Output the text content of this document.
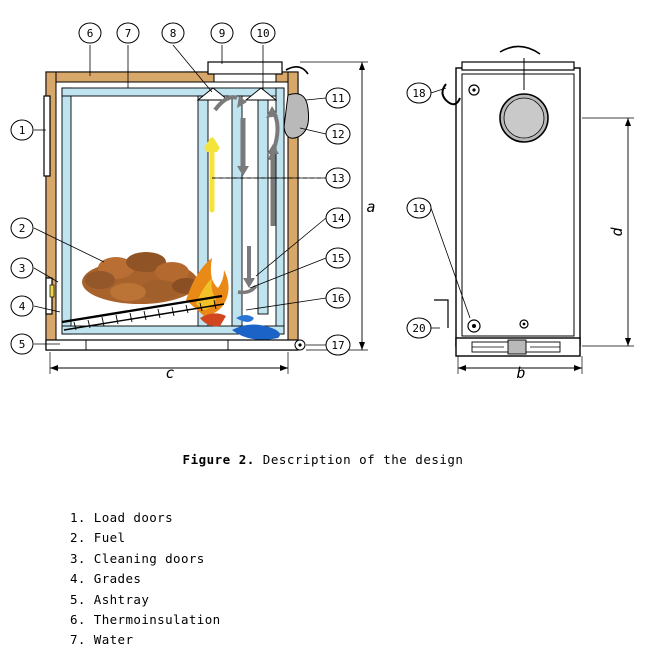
1
2
3
4
5
6	7	8	9	10
11
12
13
14
15
16
17
18
19
20
a
c	b
d
Figure 2. Description of the design
1. Load doors
2. Fuel
3. Cleaning doors
4. Grades
5. Ashtray
6. Thermoinsulation
7. Water
